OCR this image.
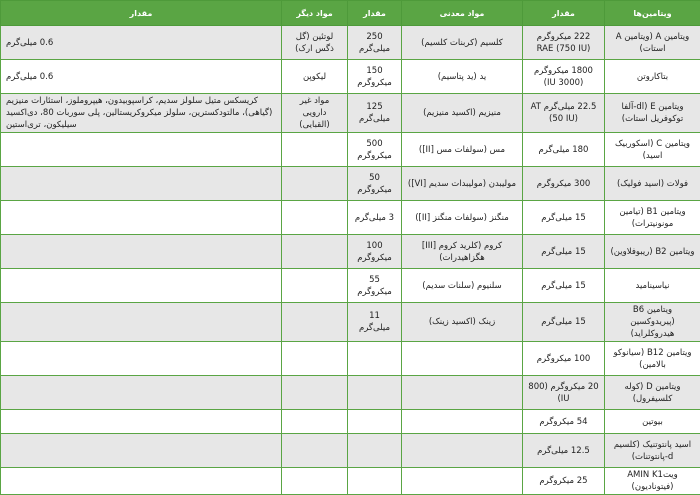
ویتامین‌ها	مقدار	مواد معدنی	مقدار	مواد دیگر	مقدار
ویتامین A (ویتامین A استات)	222 میکروگرم RAE (750 IU)	کلسیم (کربنات کلسیم)	250 میلی‌گرم	لوتئین (گل ذگس ارک)	0.6 میلی‌گرم
بتاکاروتن	1800 میکروگرم (3000 IU)	ید (ید پتاسیم)	150 میکروگرم	لیکوپن	0.6 میلی‌گرم
ویتامین E (dl-آلفا توکوفریل استات)	22.5 میلی‌گرم AT (50 IU)	منیزیم (اکسید منیزیم)	125 میلی‌گرم	مواد غیر دارویی (القبایی)	کریسکس متیل سلولز سدیم، کراسپوبیدون، هیپروملوز، استئارات منیزیم (گیاهی)، مالتودکسترین، سلولز میکروکریستالین، پلی سوربات 80، دی‌اکسید سیلیکون، تری‌استین
ویتامین C (اسکوربیک اسید)	180 میلی‌گرم	مس (سولفات مس [II])	500 میکروگرم		
فولات (اسید فولیک)	300 میکروگرم	مولیبدن (مولیبدات سدیم [VI])	50 میکروگرم		
ویتامین B1 (تیامین مونونیترات)	15 میلی‌گرم	منگنز (سولفات منگنز [II])	3 میلی‌گرم		
ویتامین B2 (ریبوفلاوین)	15 میلی‌گرم	کروم (کلرید کروم [III] هگزاهیدرات)	100 میکروگرم		
نیاسینامید	15 میلی‌گرم	سلنیوم (سلنات سدیم)	55 میکروگرم		
ویتامین B6 (پیریدوکسین هیدروکلراید)	15 میلی‌گرم	زینک (اکسید زینک)	11 میلی‌گرم		
ویتامین B12 (سیانوکو بالامین)	100 میکروگرم				
ویتامین D (کوله کلسیفرول)	20 میکروگرم (800 IU)				
بیوتین	54 میکروگرم				
اسید پانتوتنیک (کلسیم d-پانتوتنات)	12.5 میلی‌گرم				
ویتAMIN K1 (فیتونادیون)	25 میکروگرم				
